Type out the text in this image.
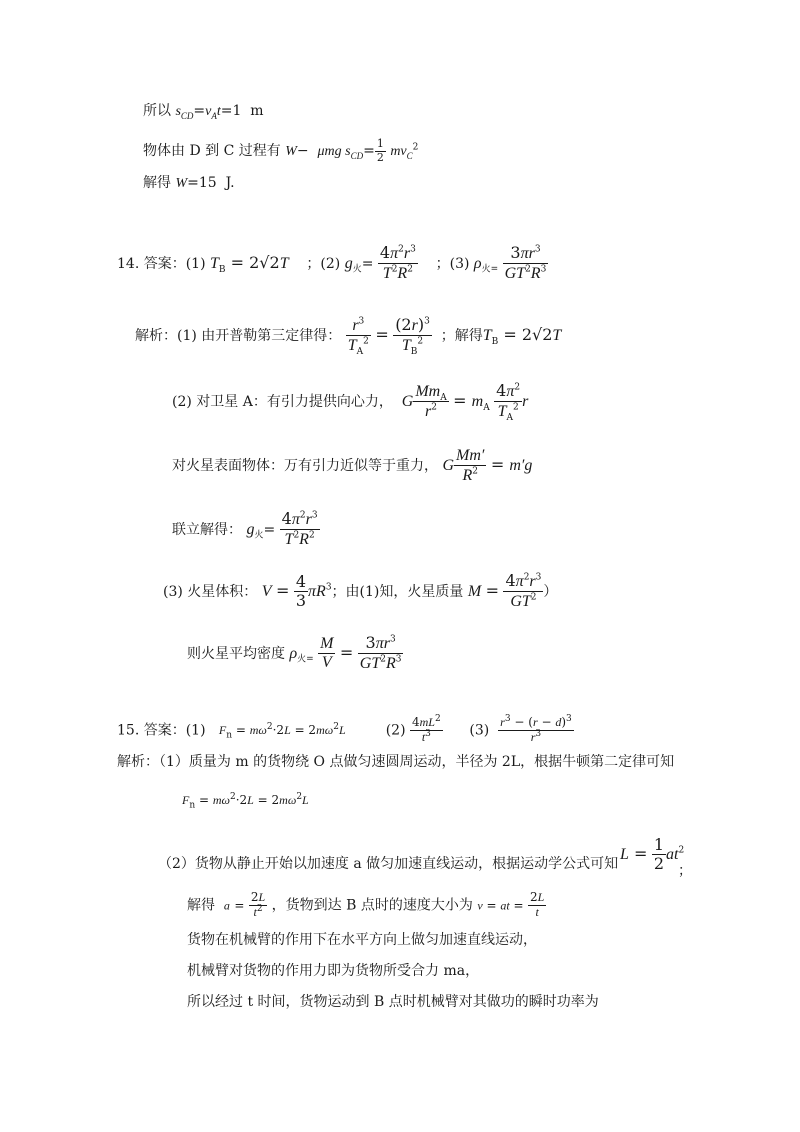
所以 $s_{CD}=v_At=1$  m
物体由 D 到 C 过程有 W−  μmg $s_{CD}= \frac{1}{2} mv_C^2$
解得 W=15  J.
14. 答案：(1) $T_B = 2√2T$ ；(2) $g_火= \frac{4\pi^2r^3}{T^2R^2}$ ；(3) $\rho_{火=} \frac{3\pi r^3}{GT^2R^3}$
解析：(1) 由开普勒第三定律得： $\frac{r^3}{T_A^2} = \frac{(2r)^3}{T_B^2}$ ；解得$T_B = 2√2T$
(2) 对卫星 A：有引力提供向心力， G
$Mm_A$
$r^2$	= $m_A \frac{4\pi^2}{T_A^2}$ r
对火星表面物体：万有引力近似等于重力， G $\frac{Mm'}{R^2} = m'g$
联立解得： $g_火= \frac{4\pi^2r^3}{T^2R^2}$
(3) 火星体积： $V = \frac{4}{3} \pi R^3$；由(1)知，火星质量 $M = \frac{4\pi^2r^3}{GT^2}$ ）
则火星平均密度 $\rho_{火=} \frac{M}{V} = \frac{3\pi r^3}{GT^2R^3}$
15. 答案：(1) $F_n = m\omega^2\cdot 2L = 2m\omega^2L$	$(2) \frac{4mL^2}{t^3} (3) \frac{r^3 - (r - d)^3}{r^3}$
解析：（1）质量为 m 的货物绕 O 点做匀速圆周运动，半径为 2L，根据牛顿第二定律可知
$F_n = m\omega^2\cdot 2L = 2m\omega^2L$
$L = \frac{1}{2} at^2$
（2）货物从静止开始以加速度 a 做匀加速直线运动，根据运动学公式可知	；
解得 $a = \frac{2L}{t^2}$ ，货物到达 B 点时的速度大小为 v = at = $\frac{2L}{t}$
货物在机械臂的作用下在水平方向上做匀加速直线运动，
机械臂对货物的作用力即为货物所受合力 ma，
所以经过 t 时间，货物运动到 B 点时机械臂对其做功的瞬时功率为
